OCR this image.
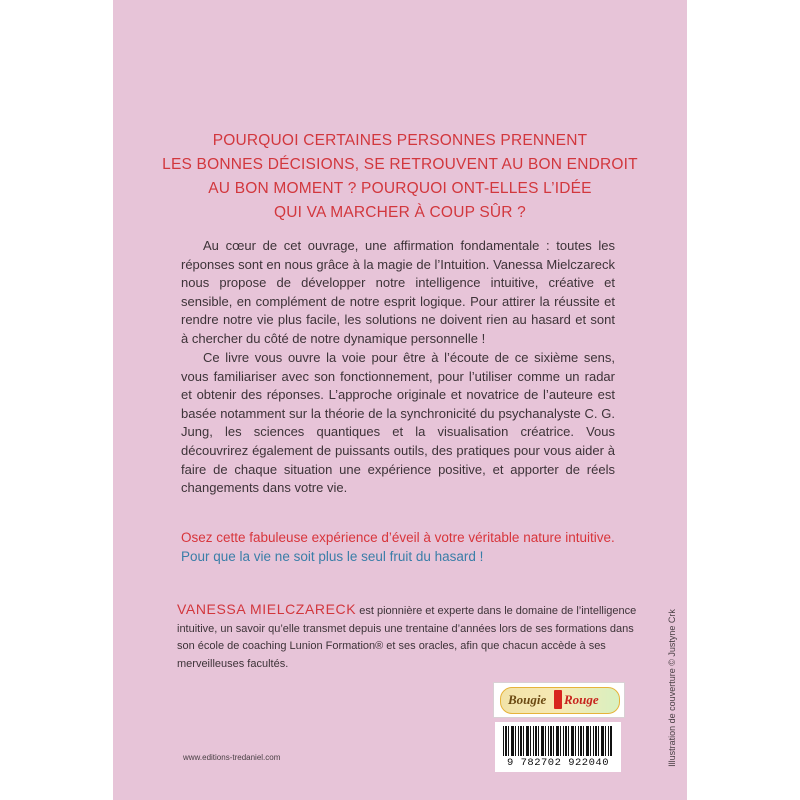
POURQUOI CERTAINES PERSONNES PRENNENT
LES BONNES DÉCISIONS, SE RETROUVENT AU BON ENDROIT
AU BON MOMENT ? POURQUOI ONT-ELLES L’IDÉE
QUI VA MARCHER À COUP SÛR ?

Au cœur de cet ouvrage, une affirmation fondamentale : toutes les réponses sont en nous grâce à la magie de l’Intuition. Vanessa Mielczareck nous propose de développer notre intelligence intuitive, créative et sensible, en complément de notre esprit logique. Pour attirer la réussite et rendre notre vie plus facile, les solutions ne doivent rien au hasard et sont à chercher du côté de notre dynamique personnelle !

Ce livre vous ouvre la voie pour être à l’écoute de ce sixième sens, vous familiariser avec son fonctionnement, pour l’utiliser comme un radar et obtenir des réponses. L’approche originale et novatrice de l’auteure est basée notamment sur la théorie de la synchronicité du psychanalyste C. G. Jung, les sciences quantiques et la visualisation créatrice. Vous découvrirez également de puissants outils, des pratiques pour vous aider à faire de chaque situation une expérience positive, et apporter de réels changements dans votre vie.

Osez cette fabuleuse expérience d’éveil à votre véritable nature intuitive. Pour que la vie ne soit plus le seul fruit du hasard !

VANESSA MIELCZARECK est pionnière et experte dans le domaine de l’intelligence intuitive, un savoir qu’elle transmet depuis une trentaine d’années lors de ses formations dans son école de coaching Lunion Formation® et ses oracles, afin que chacun accède à ses merveilleuses facultés.	Illustration de couverture © Justyne Crk
Bougie Rouge
9 782702 922040
www.editions-tredaniel.com
